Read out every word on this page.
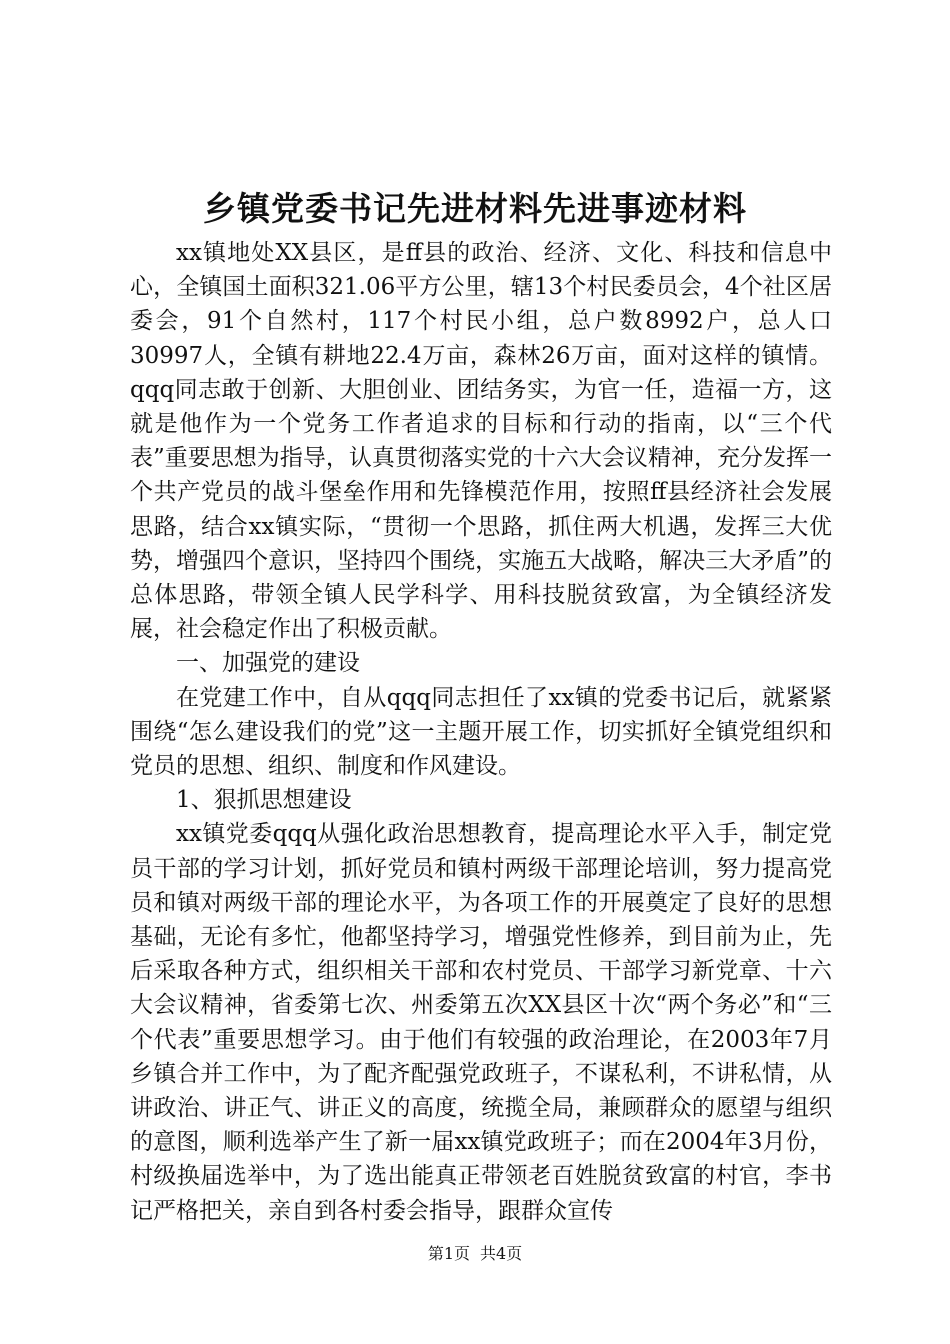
乡镇党委书记先进材料先进事迹材料

xx镇地处XX县区，是ff县的政治、经济、文化、科技和信息中心，全镇国土面积321.06平方公里，辖13个村民委员会，4个社区居委会，91个自然村，117个村民小组，总户数8992户，总人口30997人，全镇有耕地22.4万亩，森林26万亩，面对这样的镇情。qqq同志敢于创新、大胆创业、团结务实，为官一任，造福一方，这就是他作为一个党务工作者追求的目标和行动的指南，以“三个代表”重要思想为指导，认真贯彻落实党的十六大会议精神，充分发挥一个共产党员的战斗堡垒作用和先锋模范作用，按照ff县经济社会发展思路，结合xx镇实际，“贯彻一个思路，抓住两大机遇，发挥三大优势，增强四个意识，坚持四个围绕，实施五大战略，解决三大矛盾”的总体思路，带领全镇人民学科学、用科技脱贫致富，为全镇经济发展，社会稳定作出了积极贡献。

一、加强党的建设

在党建工作中，自从qqq同志担任了xx镇的党委书记后，就紧紧围绕“怎么建设我们的党”这一主题开展工作，切实抓好全镇党组织和党员的思想、组织、制度和作风建设。

1、狠抓思想建设

xx镇党委qqq从强化政治思想教育，提高理论水平入手，制定党员干部的学习计划，抓好党员和镇村两级干部理论培训，努力提高党员和镇对两级干部的理论水平，为各项工作的开展奠定了良好的思想基础，无论有多忙，他都坚持学习，增强党性修养，到目前为止，先后采取各种方式，组织相关干部和农村党员、干部学习新党章、十六大会议精神，省委第七次、州委第五次XX县区十次“两个务必”和“三个代表”重要思想学习。由于他们有较强的政治理论，在2003年7月乡镇合并工作中，为了配齐配强党政班子，不谋私利，不讲私情，从讲政治、讲正气、讲正义的高度，统揽全局，兼顾群众的愿望与组织的意图，顺利选举产生了新一届xx镇党政班子；而在2004年3月份，村级换届选举中，为了选出能真正带领老百姓脱贫致富的村官，李书记严格把关，亲自到各村委会指导，跟群众宣传

第1页 共4页
